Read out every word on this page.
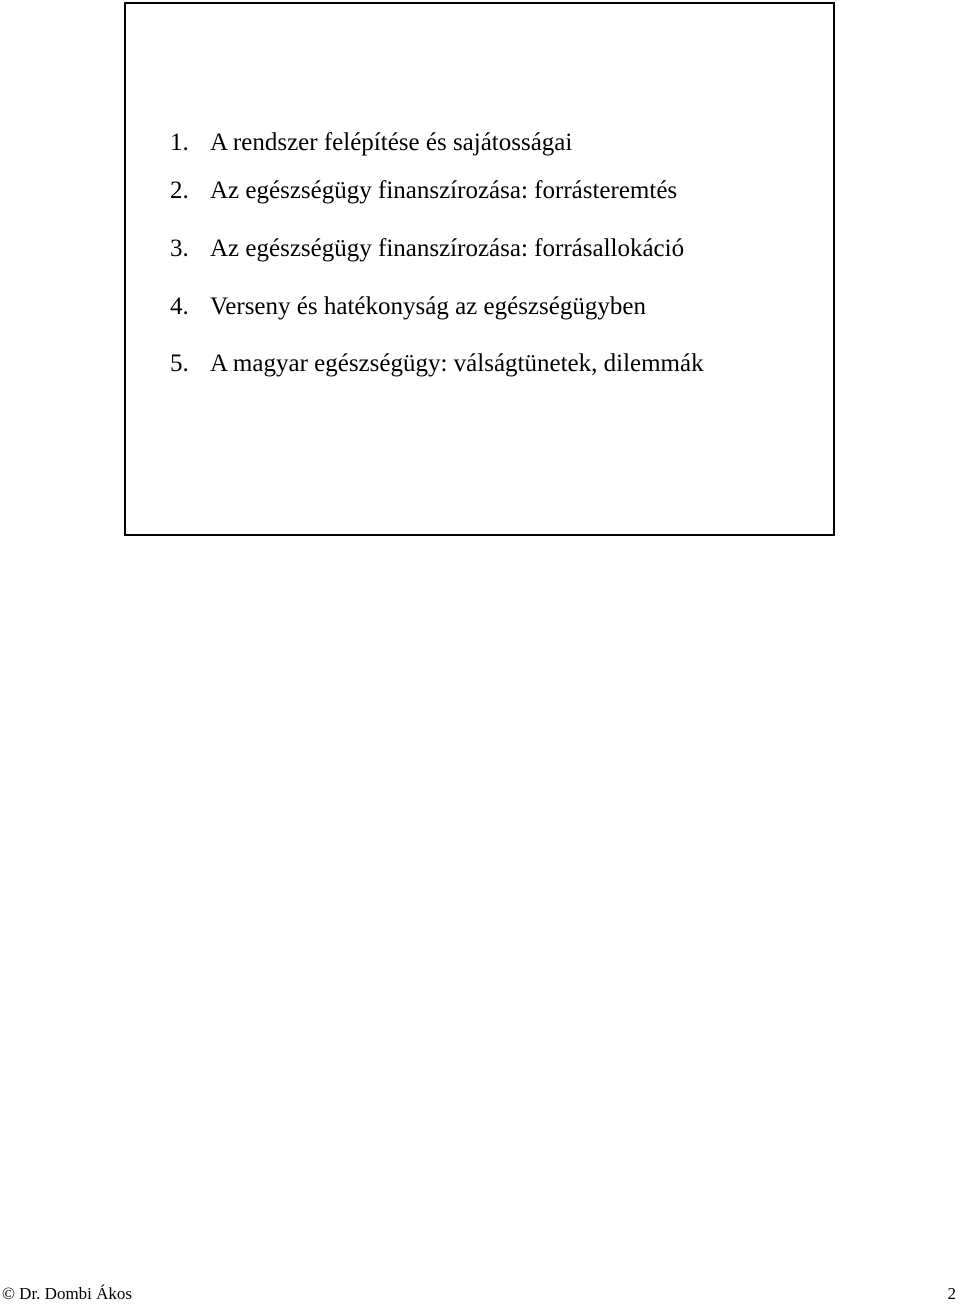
1. A rendszer felépítése és sajátosságai
2. Az egészségügy finanszírozása: forrásteremtés
3. Az egészségügy finanszírozása: forrásallokáció
4. Verseny és hatékonyság az egészségügyben
5. A magyar egészségügy: válságtünetek, dilemmák
© Dr. Dombi Ákos	2
